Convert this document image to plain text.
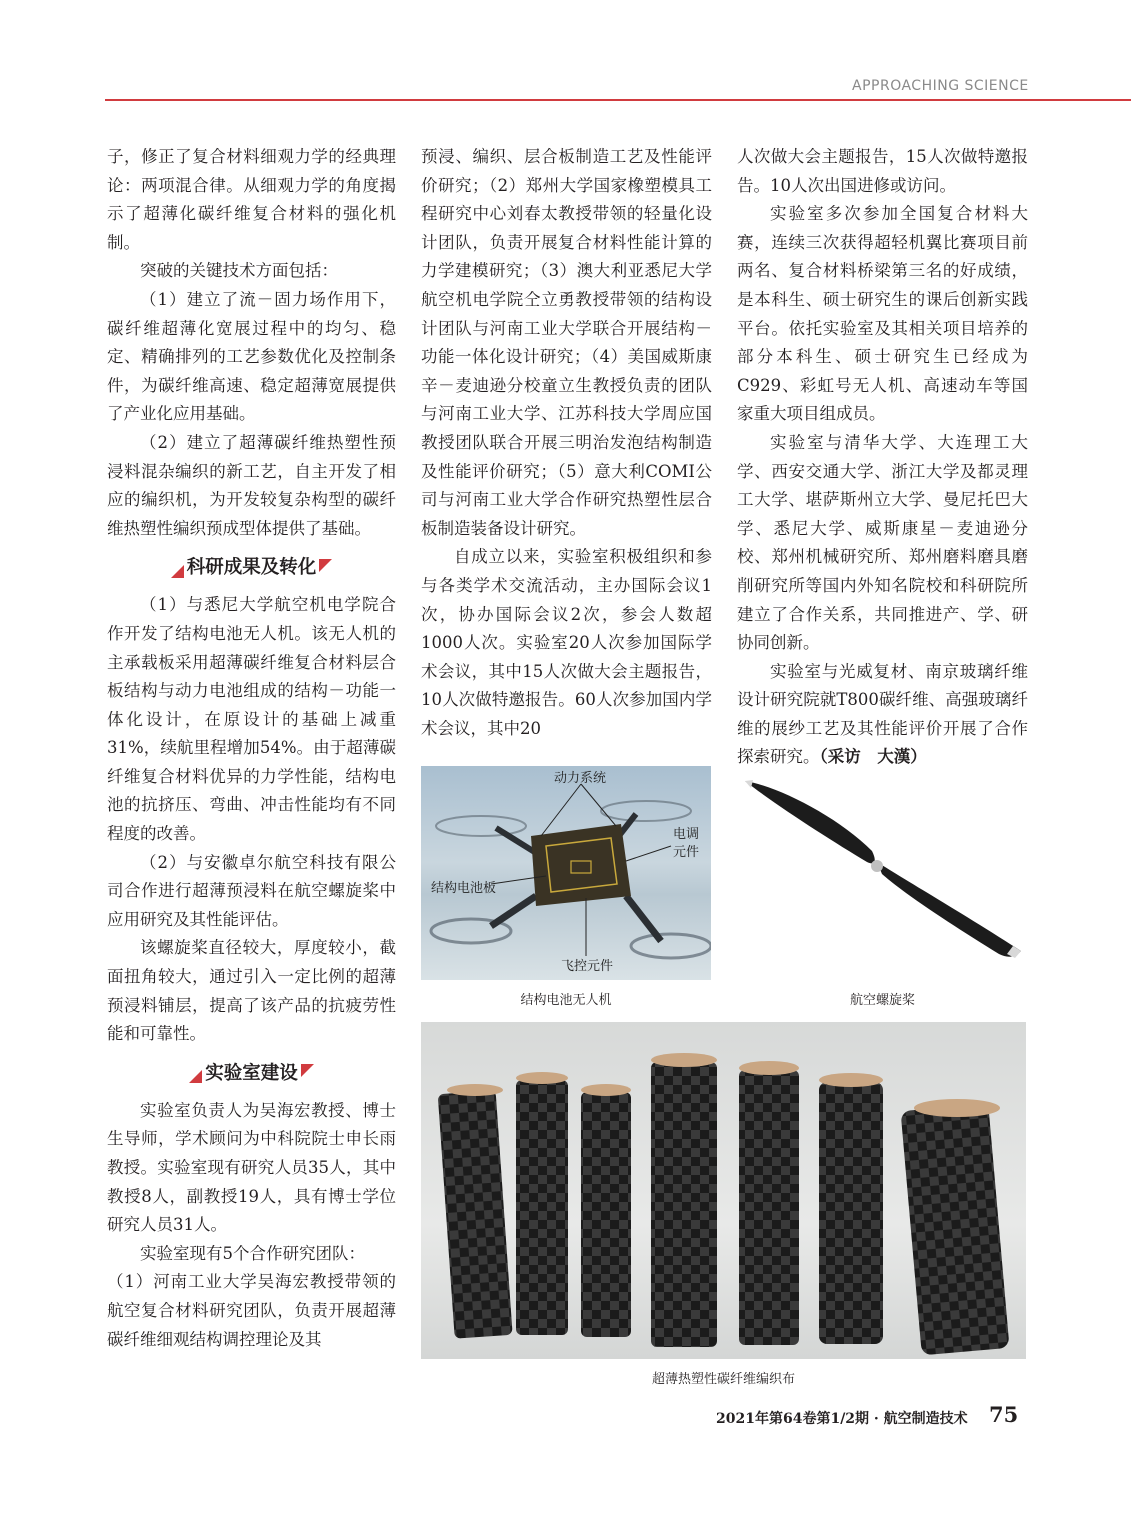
APPROACHING SCIENCE

子，修正了复合材料细观力学的经典理论：两项混合律。从细观力学的角度揭示了超薄化碳纤维复合材料的强化机制。

突破的关键技术方面包括：

（1）建立了流－固力场作用下，碳纤维超薄化宽展过程中的均匀、稳定、精确排列的工艺参数优化及控制条件，为碳纤维高速、稳定超薄宽展提供了产业化应用基础。

（2）建立了超薄碳纤维热塑性预浸料混杂编织的新工艺，自主开发了相应的编织机，为开发较复杂构型的碳纤维热塑性编织预成型体提供了基础。

科研成果及转化

（1）与悉尼大学航空机电学院合作开发了结构电池无人机。该无人机的主承载板采用超薄碳纤维复合材料层合板结构与动力电池组成的结构－功能一体化设计，在原设计的基础上减重31%，续航里程增加54%。由于超薄碳纤维复合材料优异的力学性能，结构电池的抗挤压、弯曲、冲击性能均有不同程度的改善。

（2）与安徽卓尔航空科技有限公司合作进行超薄预浸料在航空螺旋桨中应用研究及其性能评估。

该螺旋桨直径较大，厚度较小，截面扭角较大，通过引入一定比例的超薄预浸料铺层，提高了该产品的抗疲劳性能和可靠性。

实验室建设

实验室负责人为吴海宏教授、博士生导师，学术顾问为中科院院士申长雨教授。实验室现有研究人员35人，其中教授8人，副教授19人，具有博士学位研究人员31人。

实验室现有5个合作研究团队：

（1）河南工业大学吴海宏教授带领的航空复合材料研究团队，负责开展超薄碳纤维细观结构调控理论及其

预浸、编织、层合板制造工艺及性能评价研究；（2）郑州大学国家橡塑模具工程研究中心刘春太教授带领的轻量化设计团队，负责开展复合材料性能计算的力学建模研究；（3）澳大利亚悉尼大学航空机电学院仝立勇教授带领的结构设计团队与河南工业大学联合开展结构－功能一体化设计研究；（4）美国威斯康辛－麦迪逊分校童立生教授负责的团队与河南工业大学、江苏科技大学周应国教授团队联合开展三明治发泡结构制造及性能评价研究；（5）意大利COMI公司与河南工业大学合作研究热塑性层合板制造装备设计研究。

自成立以来，实验室积极组织和参与各类学术交流活动，主办国际会议1次，协办国际会议2次，参会人数超1000人次。实验室20人次参加国际学术会议，其中15人次做大会主题报告，10人次做特邀报告。60人次参加国内学术会议，其中20

人次做大会主题报告，15人次做特邀报告。10人次出国进修或访问。

实验室多次参加全国复合材料大赛，连续三次获得超轻机翼比赛项目前两名、复合材料桥梁第三名的好成绩，是本科生、硕士研究生的课后创新实践平台。依托实验室及其相关项目培养的部分本科生、硕士研究生已经成为C929、彩虹号无人机、高速动车等国家重大项目组成员。

实验室与清华大学、大连理工大学、西安交通大学、浙江大学及都灵理工大学、堪萨斯州立大学、曼尼托巴大学、悉尼大学、威斯康星－麦迪逊分校、郑州机械研究所、郑州磨料磨具磨削研究所等国内外知名院校和科研院所建立了合作关系，共同推进产、学、研协同创新。

实验室与光威复材、南京玻璃纤维设计研究院就T800碳纤维、高强玻璃纤维的展纱工艺及其性能评价开展了合作探索研究。（采访　大漢）

动力系统
电调元件
结构电池板
飞控元件
结构电池无人机	航空螺旋桨
超薄热塑性碳纤维编织布
2021年第64卷第1/2期 · 航空制造技术 75
